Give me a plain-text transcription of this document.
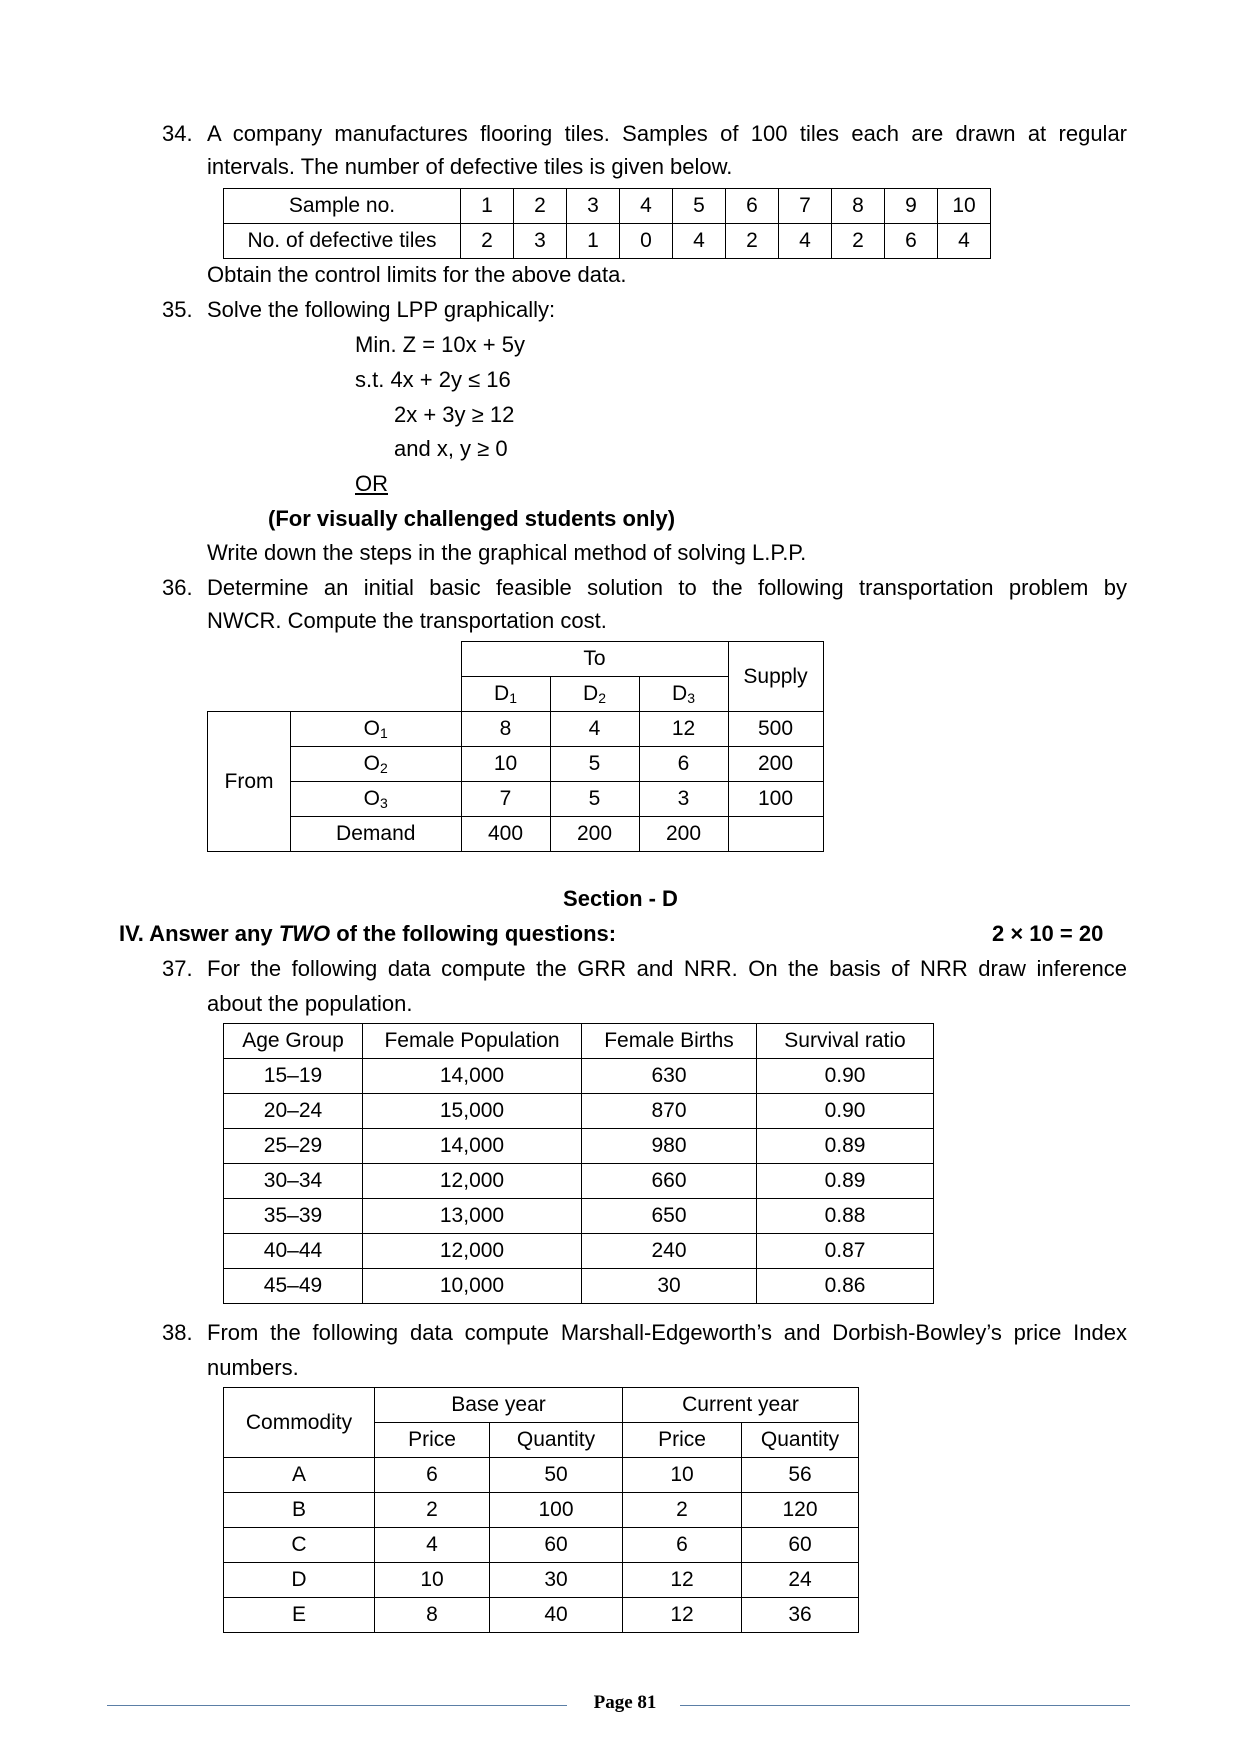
34. A company manufactures flooring tiles. Samples of 100 tiles each are drawn at regular
intervals. The number of defective tiles is given below.
Sample no.	1	2	3	4	5	6	7	8	9	10
No. of defective tiles	2	3	1	0	4	2	4	2	6	4
Obtain the control limits for the above data.
35. Solve the following LPP graphically:
Min. Z = 10x + 5y
s.t. 4x + 2y ≤ 16
2x + 3y ≥ 12
and x, y ≥ 0
OR
(For visually challenged students only)
Write down the steps in the graphical method of solving L.P.P.
36. Determine an initial basic feasible solution to the following transportation problem by
NWCR. Compute the transportation cost.
		To			Supply
		$D_1$	$D_2$	$D_3$
From	$O_1$	8	4	12	500
	$O_2$	10	5	6	200
	$O_3$	7	5	3	100
	Demand	400	200	200	
Section - D
IV. Answer any TWO of the following questions:	2 × 10 = 20
37. For the following data compute the GRR and NRR. On the basis of NRR draw inference
about the population.
Age Group	Female Population	Female Births	Survival ratio
15–19	14,000	630	0.90
20–24	15,000	870	0.90
25–29	14,000	980	0.89
30–34	12,000	660	0.89
35–39	13,000	650	0.88
40–44	12,000	240	0.87
45–49	10,000	30	0.86
38. From the following data compute Marshall-Edgeworth’s and Dorbish-Bowley’s price Index
numbers.
Commodity	Base year		Current year	
	Price	Quantity	Price	Quantity
A	6	50	10	56
B	2	100	2	120
C	4	60	6	60
D	10	30	12	24
E	8	40	12	36
Page 81
